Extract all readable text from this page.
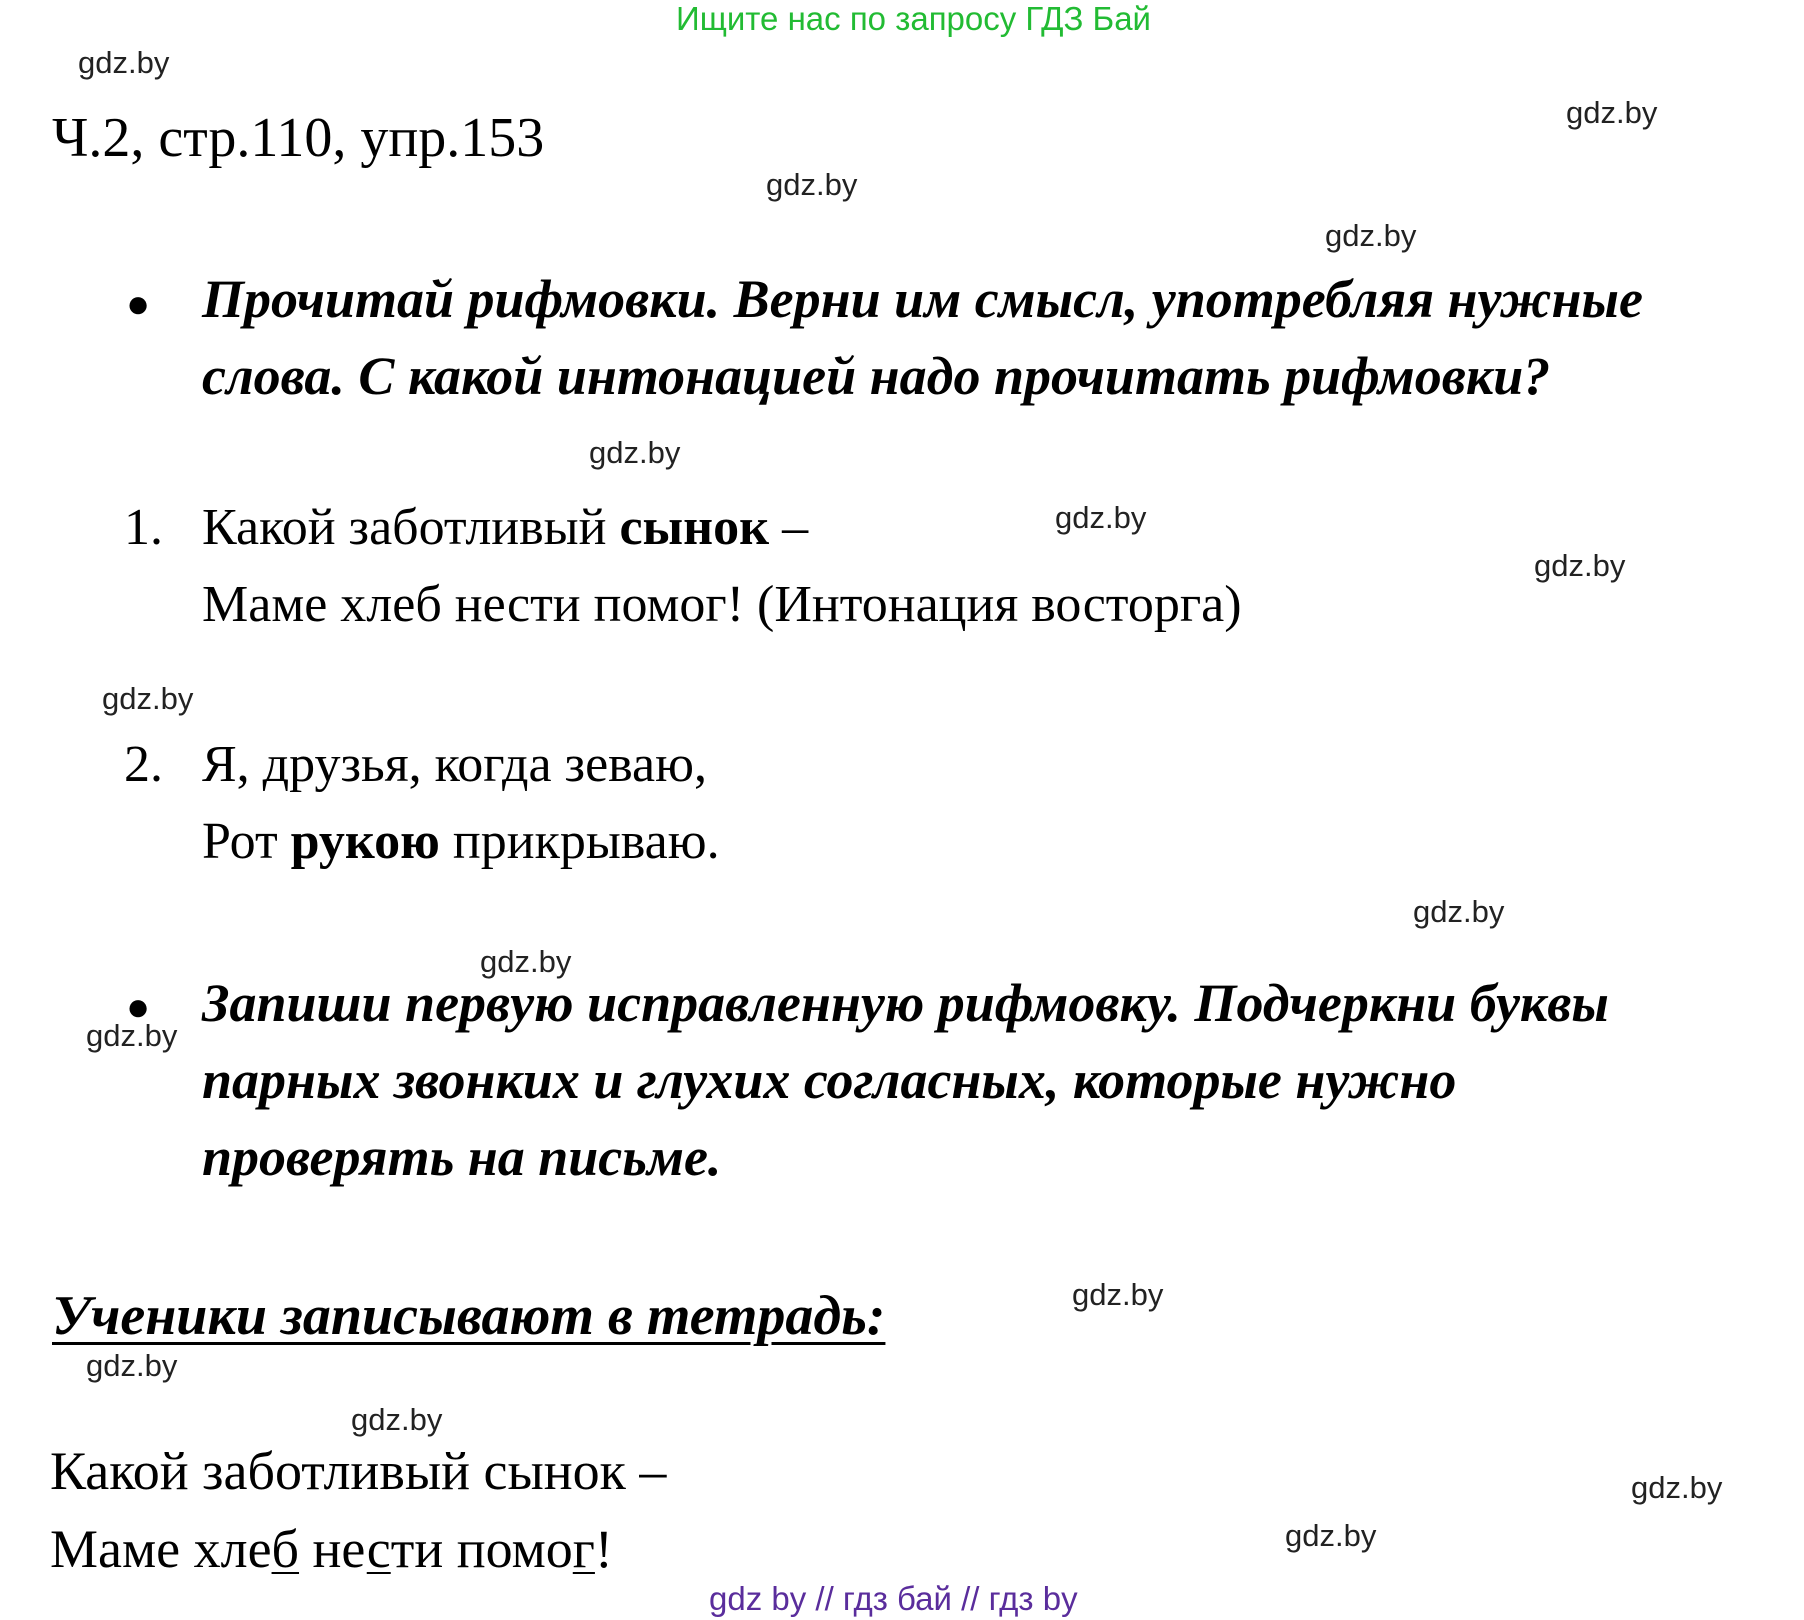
Ищите нас по запросу ГДЗ Бай
gdz.by
gdz.by
gdz.by
gdz.by
gdz.by
gdz.by
gdz.by
gdz.by
gdz.by
gdz.by
gdz.by
gdz.by
gdz.by
gdz.by
gdz.by
gdz.by
Ч.2, стр.110, упр.153
● Прочитай рифмовки. Верни им смысл, употребляя нужные
слова. С какой интонацией надо прочитать рифмовки?
1. Какой заботливый сынок –
Маме хлеб нести помог! (Интонация восторга)
2. Я, друзья, когда зеваю,
Рот рукою прикрываю.
● Запиши первую исправленную рифмовку. Подчеркни буквы
парных звонких и глухих согласных, которые нужно
проверять на письме.
Ученики записывают в тетрадь:
Какой заботливый сынок –
Маме хлеб нести помог!
gdz by // гдз бай // гдз by
